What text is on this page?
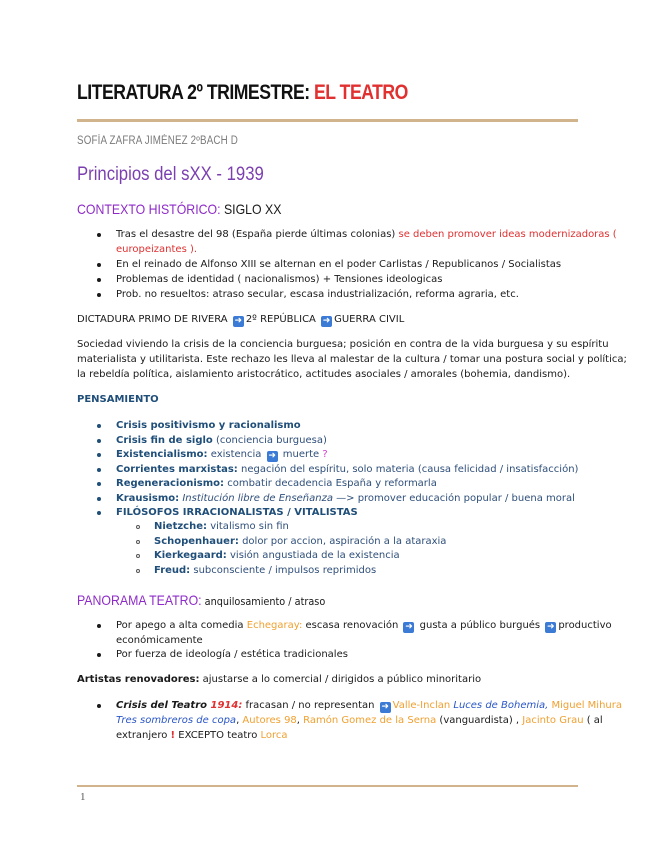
LITERATURA 2º TRIMESTRE: EL TEATRO
SOFÍA ZAFRA JIMÉNEZ 2ºBACH D
Principios del sXX - 1939
CONTEXTO HISTÓRICO: SIGLO XX
Tras el desastre del 98 (España pierde últimas colonias) se deben promover ideas modernizadoras (
europeizantes ).
En el reinado de Alfonso XIII se alternan en el poder Carlistas / Republicanos / Socialistas
Problemas de identidad ( nacionalismos) + Tensiones ideologicas
Prob. no resueltos: atraso secular, escasa industrialización, reforma agraria, etc.
DICTADURA PRIMO DE RIVERA ➜ 2º REPÚBLICA ➜ GUERRA CIVIL
Sociedad viviendo la crisis de la conciencia burguesa; posición en contra de la vida burguesa y su espíritu
materialista y utilitarista. Este rechazo les lleva al malestar de la cultura / tomar una postura social y política;
la rebeldía política, aislamiento aristocrático, actitudes asociales / amorales (bohemia, dandismo).
PENSAMIENTO
Crisis positivismo y racionalismo
Crisis fin de siglo (conciencia burguesa)
Existencialismo: existencia ➜ muerte ?
Corrientes marxistas: negación del espíritu, solo materia (causa felicidad / insatisfacción)
Regeneracionismo: combatir decadencia España y reformarla
Krausismo: Institución libre de Enseñanza —> promover educación popular / buena moral
FILÓSOFOS IRRACIONALISTAS / VITALISTAS
Nietzche: vitalismo sin fin
Schopenhauer: dolor por accion, aspiración a la ataraxia
Kierkegaard: visión angustiada de la existencia
Freud: subconsciente / impulsos reprimidos
PANORAMA TEATRO: anquilosamiento / atraso
Por apego a alta comedia Echegaray: escasa renovación ➜ gusta a público burgués ➜ productivo
económicamente
Por fuerza de ideología / estética tradicionales
Artistas renovadores: ajustarse a lo comercial / dirigidos a público minoritario
Crisis del Teatro 1914: fracasan / no representan ➜ Valle-Inclan Luces de Bohemia, Miguel Mihura
Tres sombreros de copa, Autores 98, Ramón Gomez de la Serna (vanguardista) , Jacinto Grau ( al
extranjero ! EXCEPTO teatro Lorca
1
